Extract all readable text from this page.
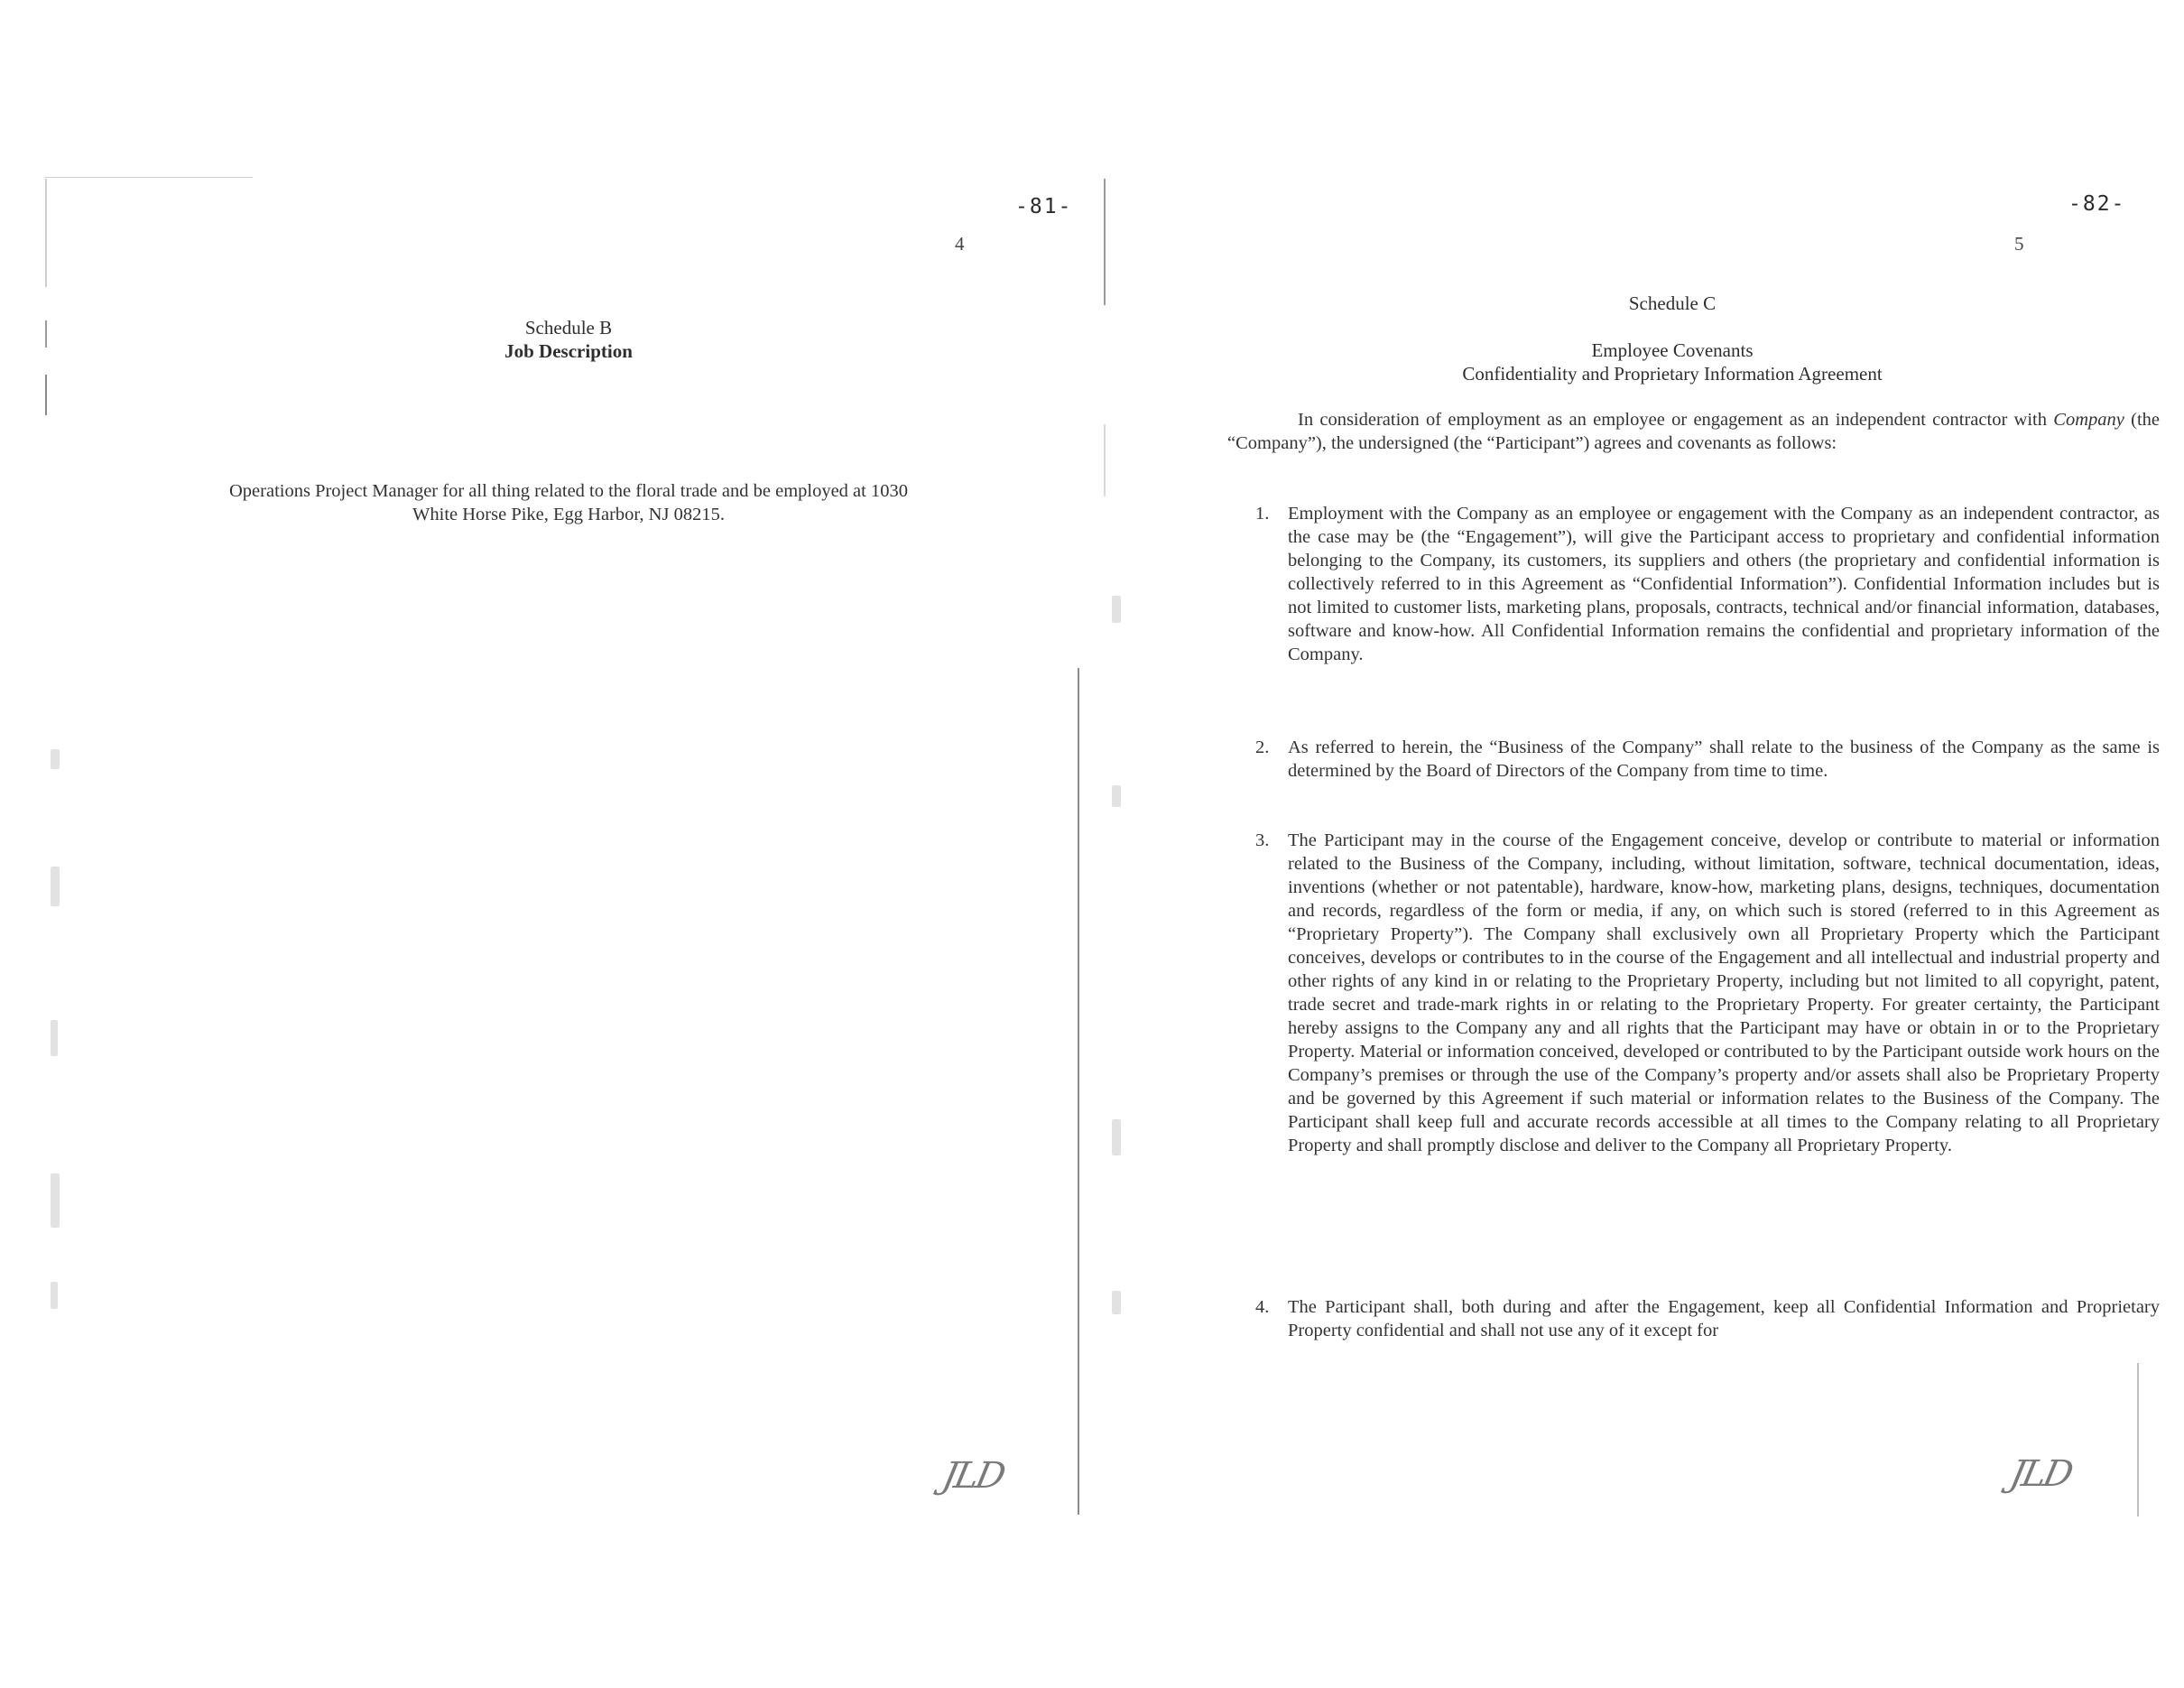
-81-
4
Schedule B
Job Description
Operations Project Manager for all thing related to the floral trade and be employed at 1030
White Horse Pike, Egg Harbor, NJ 08215.
JLD
-82-
5
Schedule C
Employee Covenants
Confidentiality and Proprietary Information Agreement
In consideration of employment as an employee or engagement as an independent contractor with Company (the “Company”), the undersigned (the “Participant”) agrees and covenants as follows:
1. Employment with the Company as an employee or engagement with the Company as an independent contractor, as the case may be (the “Engagement”), will give the Participant access to proprietary and confidential information belonging to the Company, its customers, its suppliers and others (the proprietary and confidential information is collectively referred to in this Agreement as “Confidential Information”). Confidential Information includes but is not limited to customer lists, marketing plans, proposals, contracts, technical and/or financial information, databases, software and know-how. All Confidential Information remains the confidential and proprietary information of the Company.
2. As referred to herein, the “Business of the Company” shall relate to the business of the Company as the same is determined by the Board of Directors of the Company from time to time.
3. The Participant may in the course of the Engagement conceive, develop or contribute to material or information related to the Business of the Company, including, without limitation, software, technical documentation, ideas, inventions (whether or not patentable), hardware, know-how, marketing plans, designs, techniques, documentation and records, regardless of the form or media, if any, on which such is stored (referred to in this Agreement as “Proprietary Property”). The Company shall exclusively own all Proprietary Property which the Participant conceives, develops or contributes to in the course of the Engagement and all intellectual and industrial property and other rights of any kind in or relating to the Proprietary Property, including but not limited to all copyright, patent, trade secret and trade-mark rights in or relating to the Proprietary Property. For greater certainty, the Participant hereby assigns to the Company any and all rights that the Participant may have or obtain in or to the Proprietary Property. Material or information conceived, developed or contributed to by the Participant outside work hours on the Company’s premises or through the use of the Company’s property and/or assets shall also be Proprietary Property and be governed by this Agreement if such material or information relates to the Business of the Company. The Participant shall keep full and accurate records accessible at all times to the Company relating to all Proprietary Property and shall promptly disclose and deliver to the Company all Proprietary Property.
4. The Participant shall, both during and after the Engagement, keep all Confidential Information and Proprietary Property confidential and shall not use any of it except for
JLD
